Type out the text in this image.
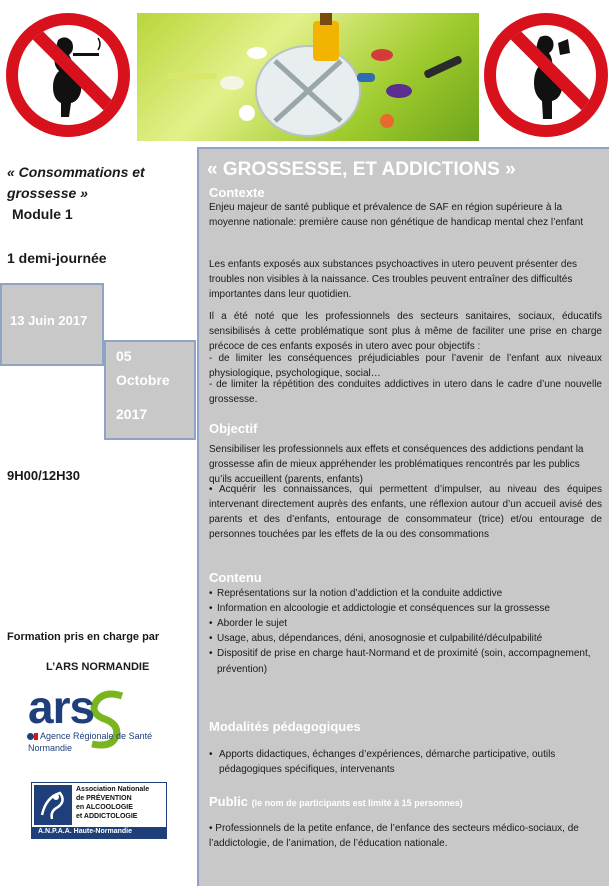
« Consommations et
grossesse »
Module 1
Durée :
1 demi-journée
13 Juin 2017
05
Octobre
2017
9H00/12H30
Lieu
Maison de la Santé
2, place Dupont de
l’Eure Evreux
Formation pris en charge par
L’ARS NORMANDIE
ars
Agence Régionale de Santé
Normandie
Association Nationale
de PRÉVENTION
en ALCOOLOGIE
et ADDICTOLOGIE
A.N.P.A.A. Haute-Normandie
« GROSSESSE, ET ADDICTIONS »
Contexte
Enjeu majeur de santé publique et prévalence de SAF en région supérieure à la moyenne nationale: première cause non génétique de handicap mental chez l’enfant
Les enfants exposés aux substances psychoactives in utero peuvent présenter des troubles non visibles à la naissance. Ces troubles peuvent entraîner des difficultés importantes dans leur quotidien.
Il a été noté que les professionnels des secteurs sanitaires, sociaux, éducatifs sensibilisés à cette problématique sont plus à même de faciliter une prise en charge précoce de ces enfants exposés in utero avec pour objectifs :
- de limiter les conséquences préjudiciables pour l’avenir de l’enfant aux niveaux physiologique, psychologique, social…
- de limiter la répétition des conduites addictives in utero dans le cadre d’une nouvelle grossesse.
Objectif
Sensibiliser les professionnels aux effets et conséquences des addictions pendant la grossesse afin de mieux appréhender les problématiques rencontrés par les publics qu’ils accueillent (parents, enfants)
• Acquérir les connaissances, qui permettent d’impulser, au niveau des équipes intervenant directement auprès des enfants, une réflexion autour d’un accueil avisé des parents et des d’enfants, entourage de consommateur (trice) et/ou entourage de personnes touchées par les effets de la ou des consommations
Contenu
• Représentations sur la notion d’addiction et la conduite addictive
• Information en alcoologie et addictologie et conséquences sur la grossesse
• Aborder le sujet
• Usage, abus, dépendances, déni, anosognosie et culpabilité/déculpabilité
• Dispositif de prise en charge haut-Normand et de proximité (soin, accompagnement, prévention)
Modalités pédagogiques
• Apports didactiques, échanges d’expériences, démarche participative, outils pédagogiques spécifiques, intervenants
Public (le nom de participants est limité à 15 personnes)
• Professionnels de la petite enfance, de l’enfance des secteurs médico-sociaux, de l’addictologie, de l’animation, de l’éducation nationale.
